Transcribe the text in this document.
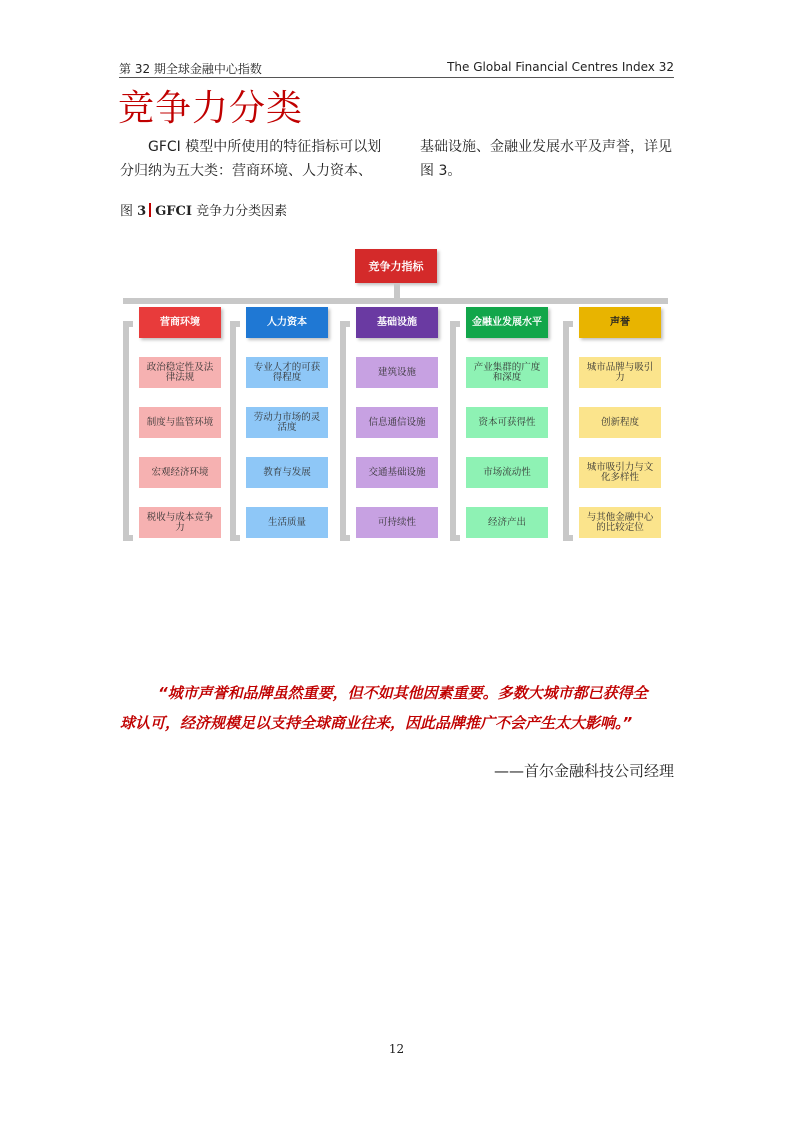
第 32 期全球金融中心指数	The Global Financial Centres Index 32
竞争力分类
GFCI 模型中所使用的特征指标可以划分归纳为五大类：营商环境、人力资本、
基础设施、金融业发展水平及声誉，详见图 3。
图 3 GFCI 竞争力分类因素
竞争力指标
营商环境
政治稳定性及法律法规
制度与监管环境
宏观经济环境
税收与成本竞争力
人力资本
专业人才的可获得程度
劳动力市场的灵活度
教育与发展
生活质量
基础设施
建筑设施
信息通信设施
交通基础设施
可持续性
金融业发展水平
产业集群的广度和深度
资本可获得性
市场流动性
经济产出
声誉
城市品牌与吸引力
创新程度
城市吸引力与文化多样性
与其他金融中心的比较定位
“城市声誉和品牌虽然重要，但不如其他因素重要。多数大城市都已获得全
球认可，经济规模足以支持全球商业往来，因此品牌推广不会产生太大影响。”
——首尔金融科技公司经理
12
